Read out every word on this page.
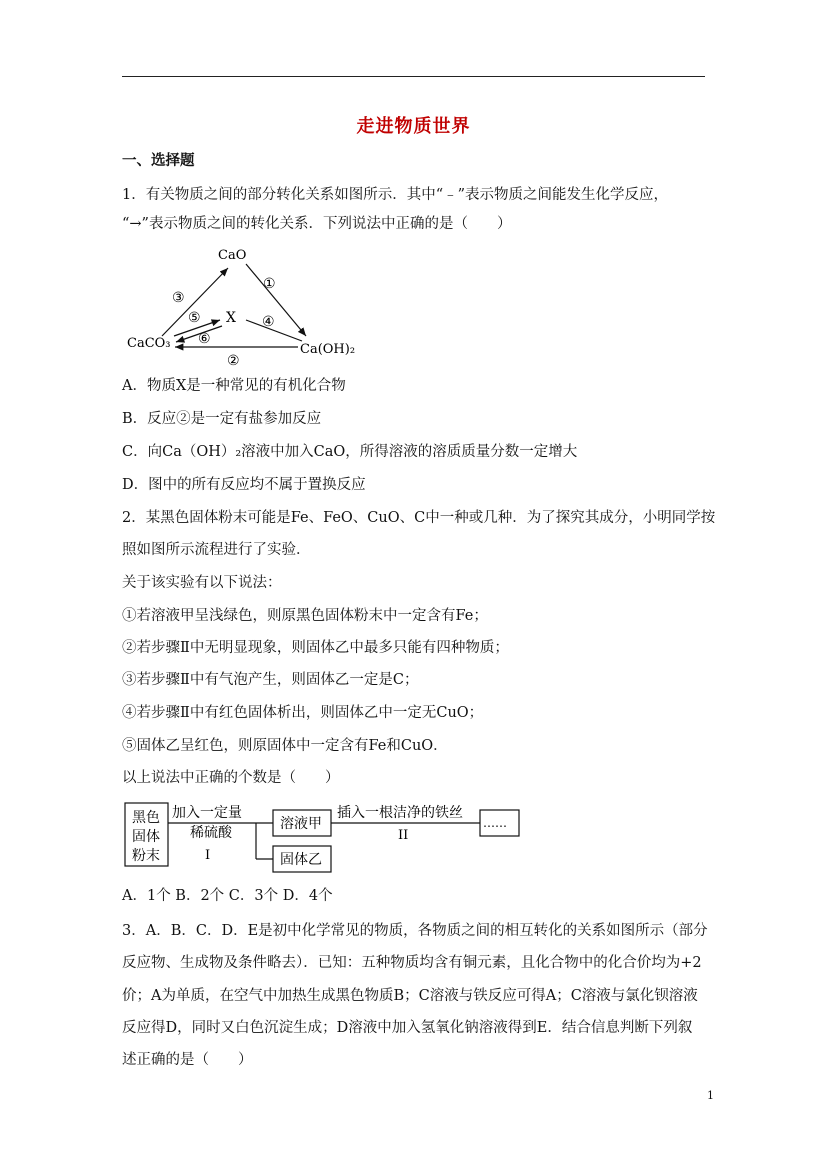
走进物质世界
一、选择题
1．有关物质之间的部分转化关系如图所示．其中“﹣”表示物质之间能发生化学反应，
“→”表示物质之间的转化关系．下列说法中正确的是（　　）
CaO
CaCO₃	Ca(OH)₂
X
①
②
③
④
⑤
⑥
黑色
固体
粉末
加入一定量
稀硫酸
I
溶液甲
插入一根洁净的铁丝
II
……
固体乙
A．物质X是一种常见的有机化合物
B．反应②是一定有盐参加反应
C．向Ca（OH）₂溶液中加入CaO，所得溶液的溶质质量分数一定增大
D．图中的所有反应均不属于置换反应
2．某黑色固体粉末可能是Fe、FeO、CuO、C中一种或几种．为了探究其成分，小明同学按
照如图所示流程进行了实验．
关于该实验有以下说法：
①若溶液甲呈浅绿色，则原黑色固体粉末中一定含有Fe；
②若步骤Ⅱ中无明显现象，则固体乙中最多只能有四种物质；
③若步骤Ⅱ中有气泡产生，则固体乙一定是C；
④若步骤Ⅱ中有红色固体析出，则固体乙中一定无CuO；
⑤固体乙呈红色，则原固体中一定含有Fe和CuO．
以上说法中正确的个数是（　　）
A．1个 B．2个 C．3个 D．4个
3．A．B．C．D．E是初中化学常见的物质，各物质之间的相互转化的关系如图所示（部分
反应物、生成物及条件略去）．已知：五种物质均含有铜元素，且化合物中的化合价均为+2
价；A为单质，在空气中加热生成黑色物质B；C溶液与铁反应可得A；C溶液与氯化钡溶液
反应得D，同时又白色沉淀生成；D溶液中加入氢氧化钠溶液得到E．结合信息判断下列叙
述正确的是（　　）
1
